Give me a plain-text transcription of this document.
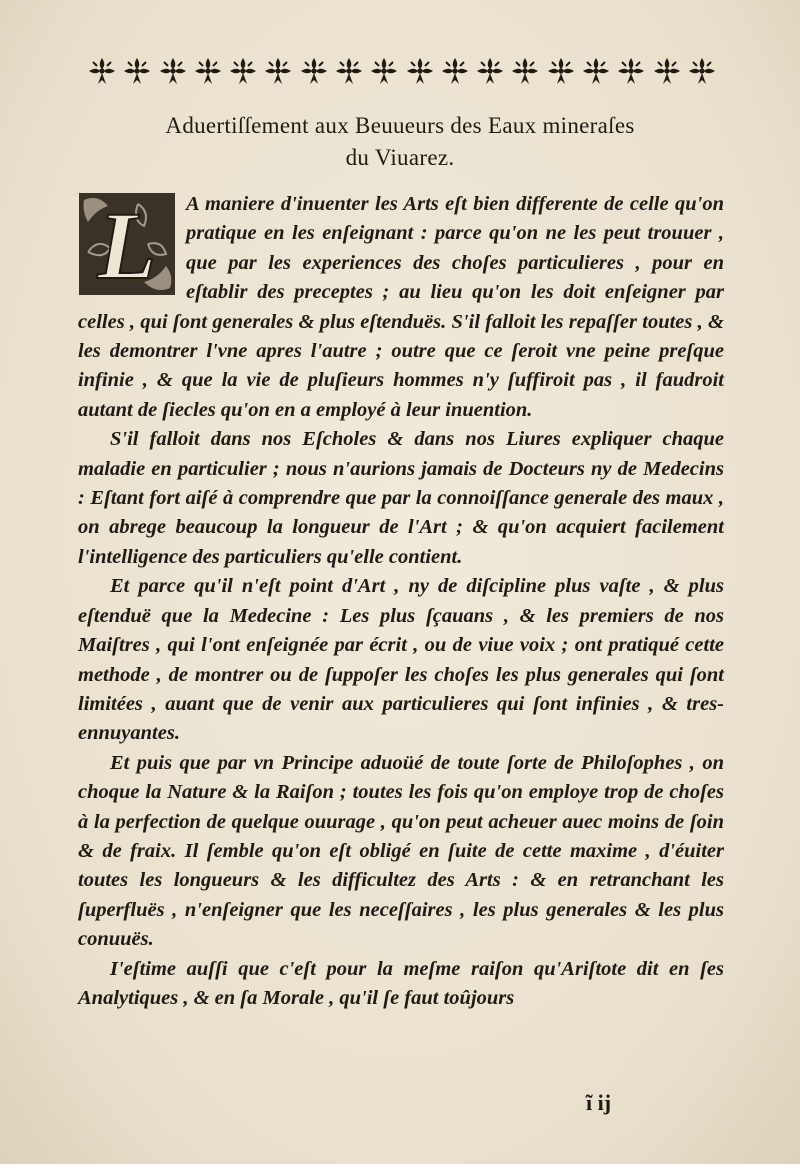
Aduertiſſement aux Beuueurs des Eaux mineraſes
du Viuarez.
L	A maniere d'inuenter les Arts eſt bien differente de celle qu'on pratique en les enſeignant : parce qu'on ne les peut trouuer , que par les experiences des choſes particulieres , pour en eſtablir des preceptes ; au lieu qu'on les doit enſeigner par celles , qui ſont generales & plus eſtenduës. S'il falloit les repaſſer toutes , & les demontrer l'vne apres l'autre ; outre que ce ſeroit vne peine preſque infinie , & que la vie de pluſieurs hommes n'y ſuffiroit pas , il faudroit autant de ſiecles qu'on en a employé à leur inuention.

S'il falloit dans nos Eſcholes & dans nos Liures expliquer chaque maladie en particulier ; nous n'aurions jamais de Docteurs ny de Medecins : Eſtant fort aiſé à comprendre que par la connoiſſance generale des maux , on abrege beaucoup la longueur de l'Art ; & qu'on acquiert facilement l'intelligence des particuliers qu'elle contient.

Et parce qu'il n'eſt point d'Art , ny de diſcipline plus vaſte , & plus eſtenduë que la Medecine : Les plus ſçauans , & les premiers de nos Maiſtres , qui l'ont enſeignée par écrit , ou de viue voix ; ont pratiqué cette methode , de montrer ou de ſuppoſer les choſes les plus generales qui ſont limitées , auant que de venir aux particulieres qui ſont infinies , & tres-ennuyantes.

Et puis que par vn Principe aduoüé de toute ſorte de Philoſophes , on choque la Nature & la Raiſon ; toutes les fois qu'on employe trop de choſes à la perfection de quelque ouurage , qu'on peut acheuer auec moins de ſoin & de fraix. Il ſemble qu'on eſt obligé en ſuite de cette maxime , d'éuiter toutes les longueurs & les difficultez des Arts : & en retranchant les ſuperfluës , n'enſeigner que les neceſſaires , les plus generales & les plus conuuës.

I'eſtime auſſi que c'eſt pour la meſme raiſon qu'Ariſtote dit en ſes Analytiques , & en ſa Morale , qu'il ſe faut toûjours

ĩ ij
